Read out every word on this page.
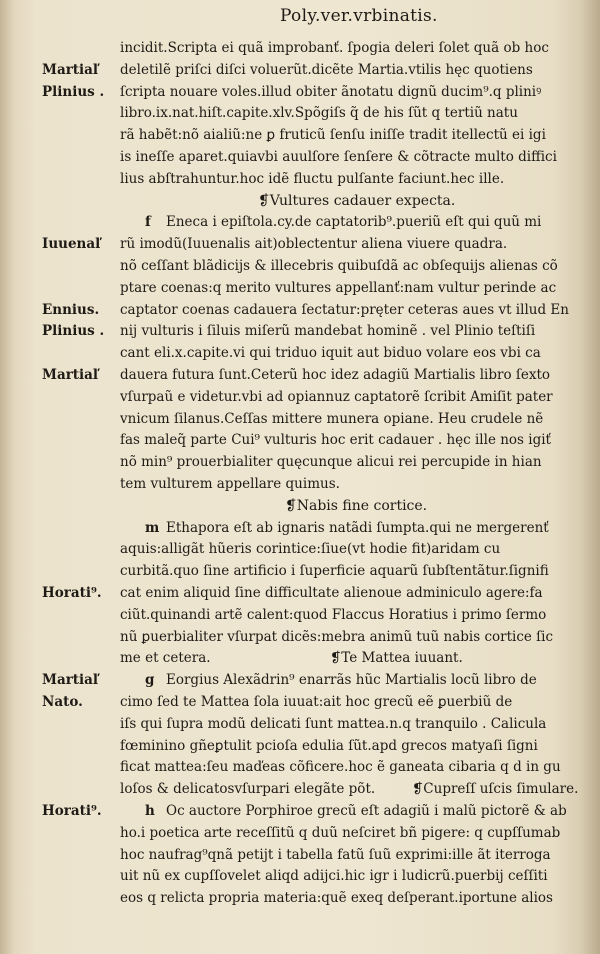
Poly.ver.vrbinatis.
incidit.Scripta ei quã improbanť. ſpogia deleri ſolet quã ob hoc
Martiaľ deletilẽ priſci diſci voluerũt.dicẽte Martia.vtilis hęc quotiens
Plinius . ſcripta nouare voles.illud obiter ãnotatu dignũ ducim⁹.q pliniꝰ
libro.ix.nat.hiſt.capite.xlv.Spõgiſs q̃ de his ſũt q tertiũ natu
rã habẽt:nõ aialiũ:ne ꝑ fruticũ ſenſu iniſſe tradit itellectũ ei igi
is ineſſe aparet.quiavbi auulſore ſenſere & cõtracte multo diffici
lius abſtrahuntur.hoc idẽ fluctu pulſante faciunt.hec ille.
❡Vultures cadauer expecta.
f Eneca i epiſtola.cy.de captatorib⁹.pueriũ eſt qui quũ mi
Iuuenaľ rũ imodũ(Iuuenalis ait)oblectentur aliena viuere quadra.
nõ ceſſant blãdicijs & illecebris quibuſdã ac obſequijs alienas cõ
ptare coenas:q merito vultures appellanť:nam vultur perinde ac
Ennius. captator coenas cadauera ſectatur:pręter ceteras aues vt illud En
Plinius . nij vulturis i ſiluis miſerũ mandebat hominẽ . vel Plinio teſtiſi
cant eli.x.capite.vi qui triduo iquit aut biduo volare eos vbi ca
Martiaľ dauera futura ſunt.Ceterũ hoc idez adagiũ Martialis libro ſexto
vſurpaũ e videtur.vbi ad opiannuz captatorẽ ſcribit Amiſit pater
vnicum ſilanus.Ceſſas mittere munera opiane. Heu crudele nẽ
fas maleq̃ parte Cui⁹ vulturis hoc erit cadauer . hęc ille nos igiť
nõ min⁹ prouerbialiter quęcunque alicui rei percupide in hian
tem vulturem appellare quimus.
❡Nabis fine cortice.
m Ethapora eſt ab ignaris natãdi ſumpta.qui ne mergerenť
aquis:alligãt hũeris corintice:ſiue(vt hodie fit)aridam cu
curbitã.quo ſine artificio i ſuperficie aquarũ ſubſtentãtur.ſignifi
Horati⁹. cat enim aliquid ſine difficultate alienoue adminiculo agere:fa
ciũt.quinandi artẽ calent:quod Flaccus Horatius i primo ſermo
nũ ꝑuerbialiter vſurpat dicẽs:mebra animũ tuũ nabis cortice ſic
me et cetera.	❡Te Mattea iuuant.
Martiaľ	g Eorgius Alexãdrin⁹ enarrãs hũc Martialis locũ libro de
Nato.	cimo ſed te Mattea ſola iuuat:ait hoc grecũ eẽ ꝑuerbiũ de
iſs qui ſupra modũ delicati ſunt mattea.n.q tranquilo . Calicula
fœminino gñeꝑtulit pcioſa edulia ſũt.apd grecos matyaſi ſigni
ficat mattea:ſeu maďeas cõficere.hoc ẽ ganeata cibaria q d in gu
loſos & delicatosvſurpari elegãte põt.	❡Cupreſſ uſcis ſimulare.
Horati⁹.	h Oc auctore Porphiroe grecũ eſt adagiũ i malũ pictorẽ & ab
ho.i poetica arte receſſitũ q duũ neſciret bñ pigere: q cupſſumab
hoc naufrag⁹qnã petijt i tabella fatũ ſuũ exprimi:ille ãt iterroga
uit nũ ex cupſſovelet aliqd adijci.hic igr i ludicrũ.puerbij ceſſiti
eos q relicta propria materia:quẽ exeq deſperant.iportune alios
